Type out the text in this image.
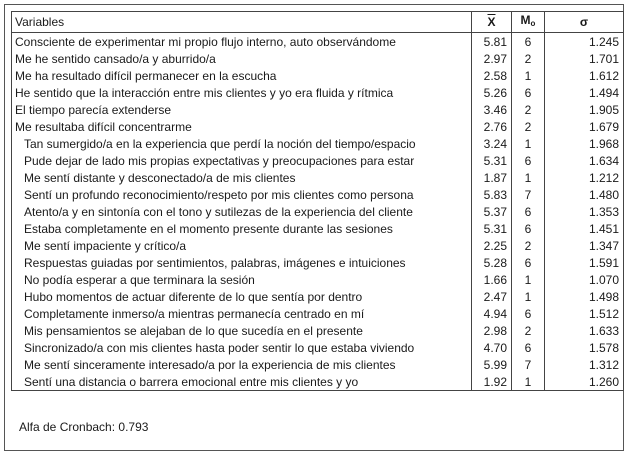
Variables	$\overline{X}$	$M_o$	σ
Consciente de experimentar mi propio flujo interno, auto observándome	5.81	6	1.245
Me he sentido cansado/a y aburrido/a	2.97	2	1.701
Me ha resultado difícil permanecer en la escucha	2.58	1	1.612
He sentido que la interacción entre mis clientes y yo era fluida y rítmica	5.26	6	1.494
El tiempo parecía extenderse	3.46	2	1.905
Me resultaba difícil concentrarme	2.76	2	1.679
Tan sumergido/a en la experiencia que perdí la noción del tiempo/espacio	3.24	1	1.968
Pude dejar de lado mis propias expectativas y preocupaciones para estar	5.31	6	1.634
Me sentí distante y desconectado/a de mis clientes	1.87	1	1.212
Sentí un profundo reconocimiento/respeto por mis clientes como persona	5.83	7	1.480
Atento/a y en sintonía con el tono y sutilezas de la experiencia del cliente	5.37	6	1.353
Estaba completamente en el momento presente durante las sesiones	5.31	6	1.451
Me sentí impaciente y crítico/a	2.25	2	1.347
Respuestas guiadas por sentimientos, palabras, imágenes e intuiciones	5.28	6	1.591
No podía esperar a que terminara la sesión	1.66	1	1.070
Hubo momentos de actuar diferente de lo que sentía por dentro	2.47	1	1.498
Completamente inmerso/a mientras permanecía centrado en mí	4.94	6	1.512
Mis pensamientos se alejaban de lo que sucedía en el presente	2.98	2	1.633
Sincronizado/a con mis clientes hasta poder sentir lo que estaba viviendo	4.70	6	1.578
Me sentí sinceramente interesado/a por la experiencia de mis clientes	5.99	7	1.312
Sentí una distancia o barrera emocional entre mis clientes y yo	1.92	1	1.260
Alfa de Cronbach: 0.793
